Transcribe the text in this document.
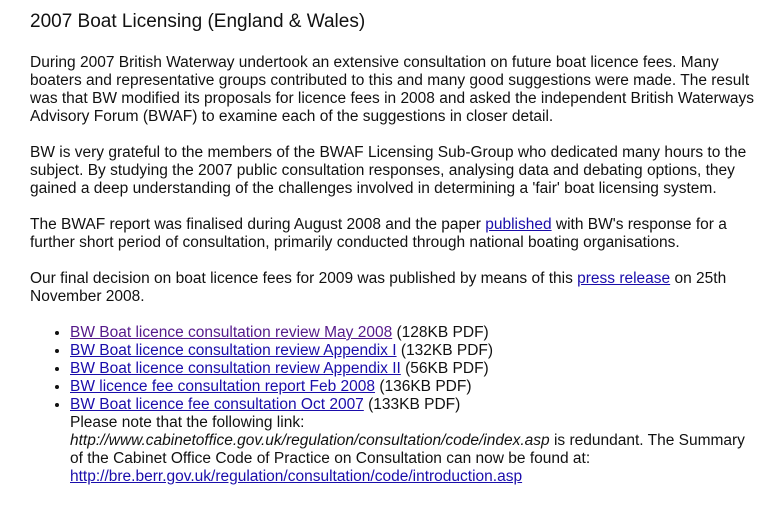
2007 Boat Licensing (England & Wales)

During 2007 British Waterway undertook an extensive consultation on future boat licence fees. Many boaters and representative groups contributed to this and many good suggestions were made. The result was that BW modified its proposals for licence fees in 2008 and asked the independent British Waterways Advisory Forum (BWAF) to examine each of the suggestions in closer detail.

BW is very grateful to the members of the BWAF Licensing Sub-Group who dedicated many hours to the subject. By studying the 2007 public consultation responses, analysing data and debating options, they gained a deep understanding of the challenges involved in determining a 'fair' boat licensing system.

The BWAF report was finalised during August 2008 and the paper published with BW's response for a further short period of consultation, primarily conducted through national boating organisations.

Our final decision on boat licence fees for 2009 was published by means of this press release on 25th November 2008.

• BW Boat licence consultation review May 2008 (128KB PDF)
• BW Boat licence consultation review Appendix I (132KB PDF)
• BW Boat licence consultation review Appendix II (56KB PDF)
• BW licence fee consultation report Feb 2008 (136KB PDF)
• BW Boat licence fee consultation Oct 2007 (133KB PDF)
Please note that the following link: http://www.cabinetoffice.gov.uk/regulation/consultation/code/index.asp is redundant. The Summary of the Cabinet Office Code of Practice on Consultation can now be found at:
http://bre.berr.gov.uk/regulation/consultation/code/introduction.asp
